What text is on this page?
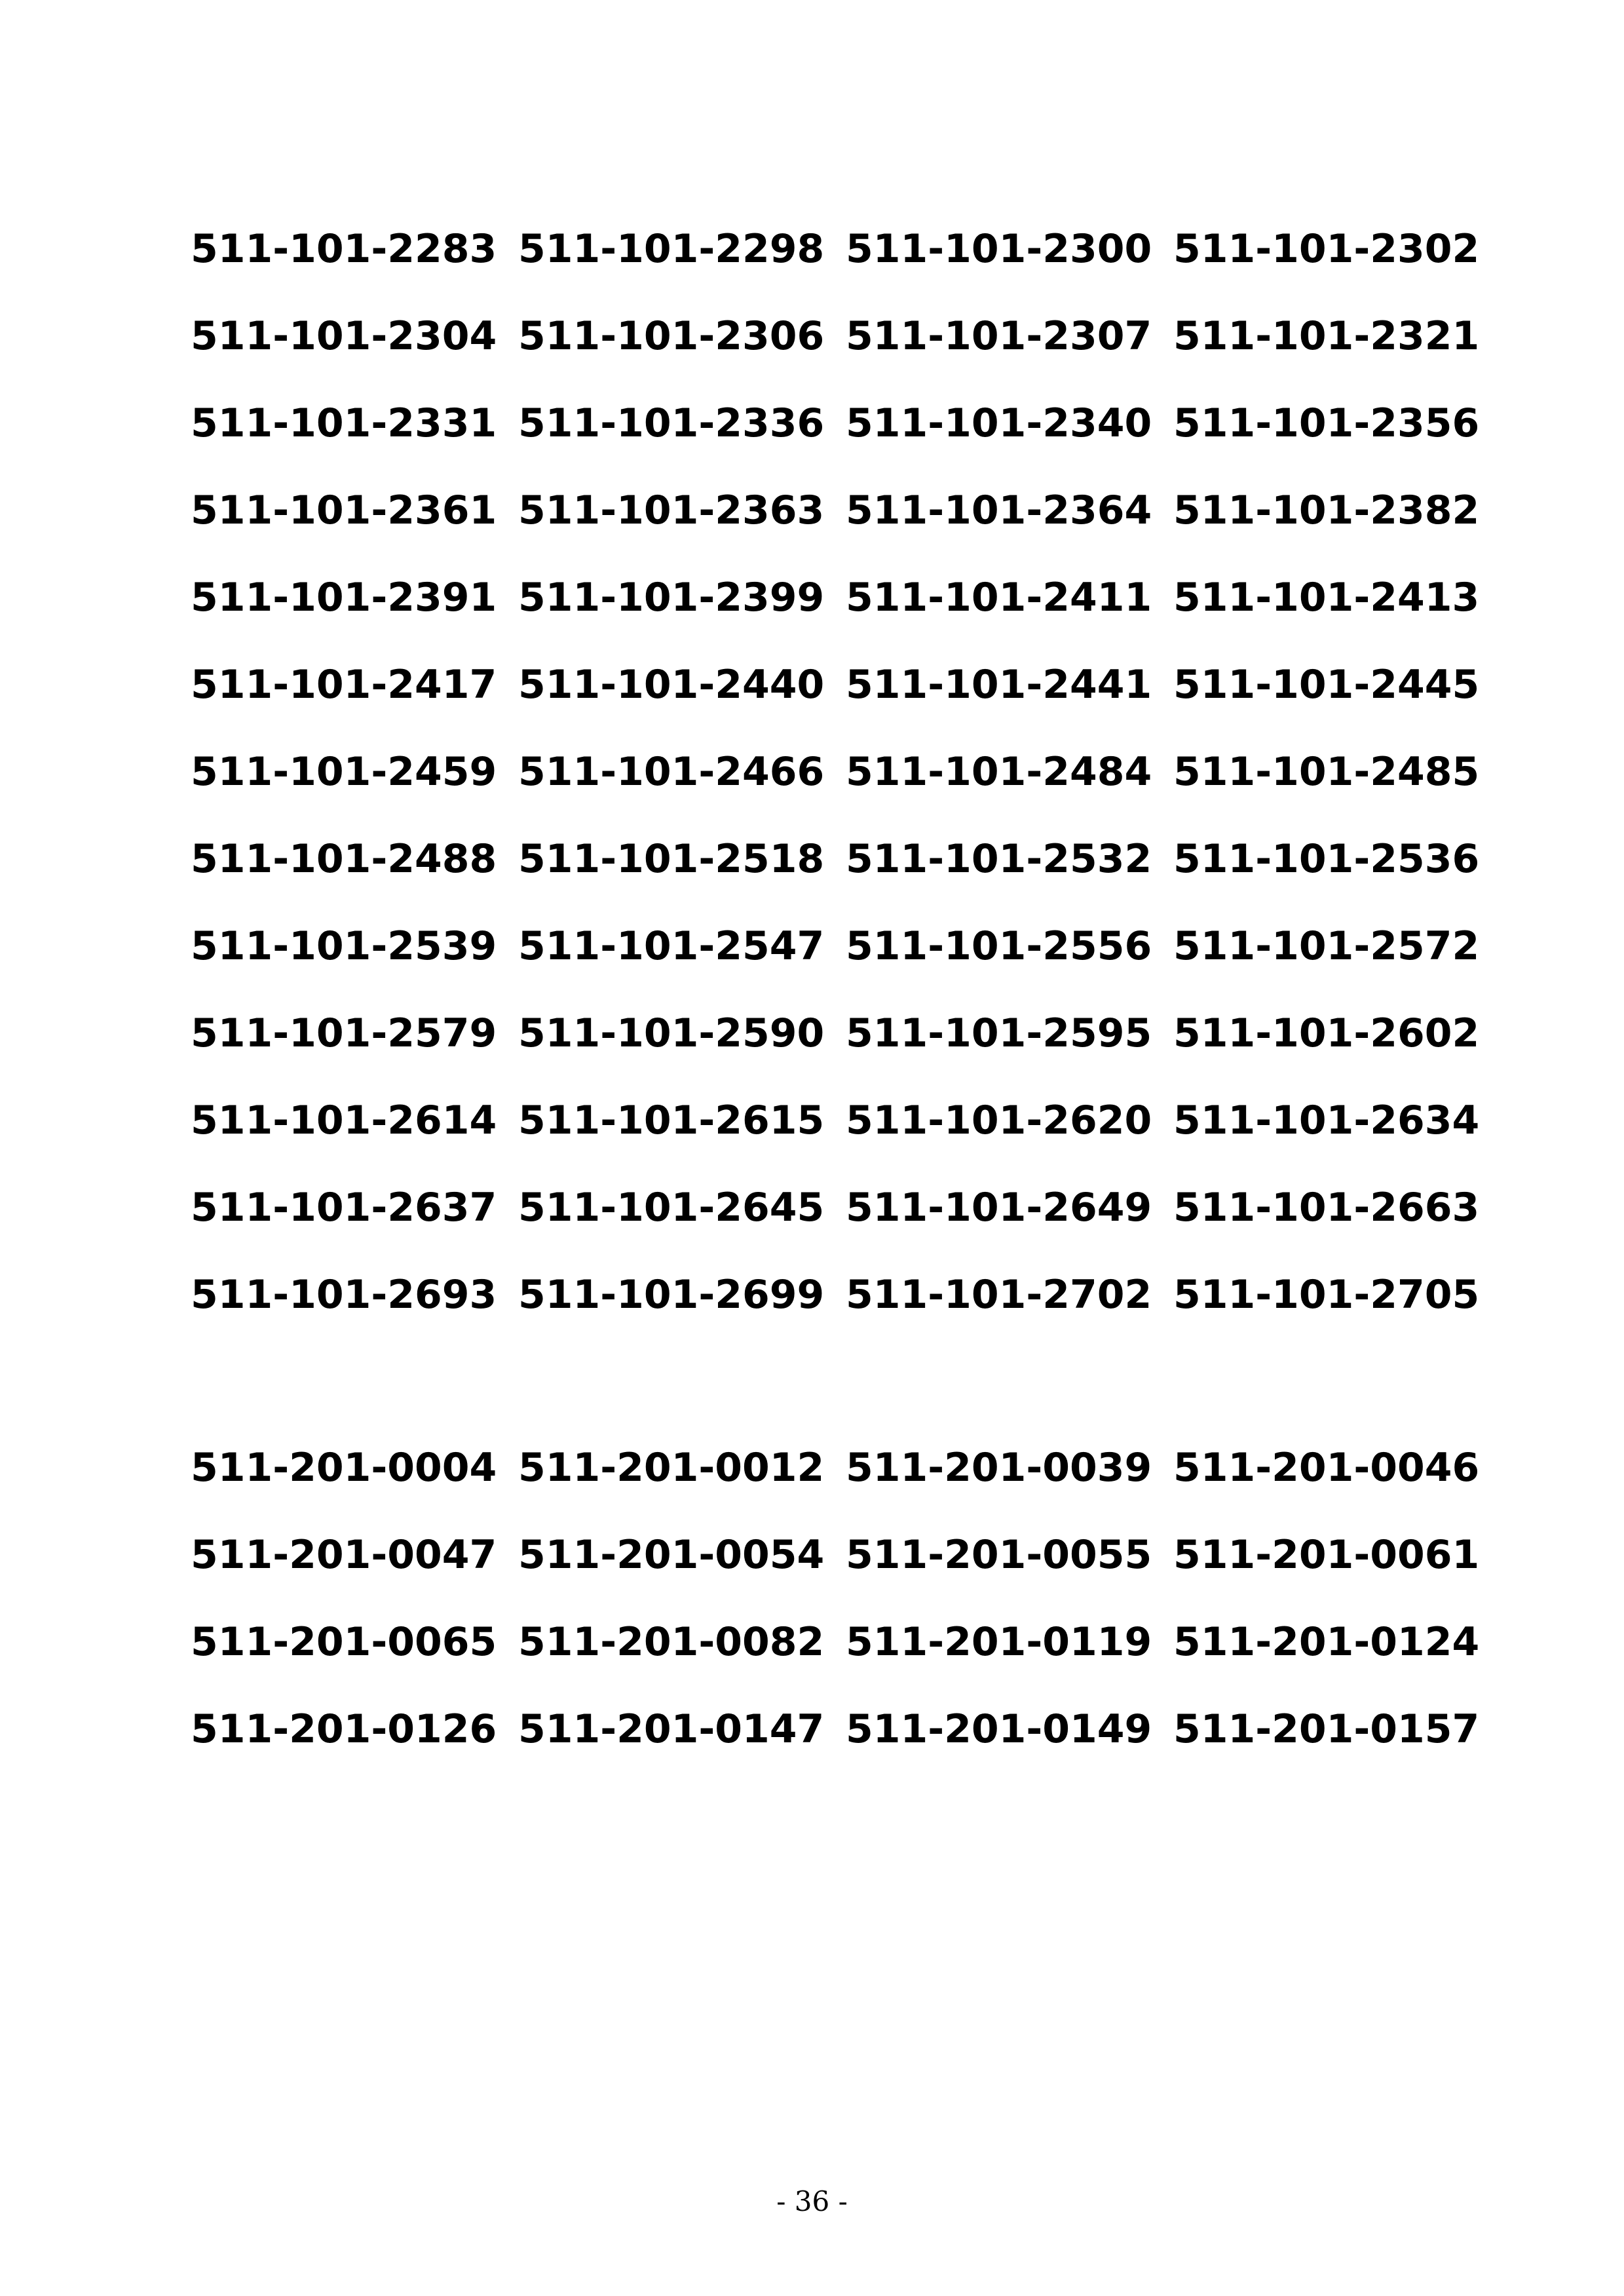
511-101-2283 511-101-2298 511-101-2300 511-101-2302
511-101-2304 511-101-2306 511-101-2307 511-101-2321
511-101-2331 511-101-2336 511-101-2340 511-101-2356
511-101-2361 511-101-2363 511-101-2364 511-101-2382
511-101-2391 511-101-2399 511-101-2411 511-101-2413
511-101-2417 511-101-2440 511-101-2441 511-101-2445
511-101-2459 511-101-2466 511-101-2484 511-101-2485
511-101-2488 511-101-2518 511-101-2532 511-101-2536
511-101-2539 511-101-2547 511-101-2556 511-101-2572
511-101-2579 511-101-2590 511-101-2595 511-101-2602
511-101-2614 511-101-2615 511-101-2620 511-101-2634
511-101-2637 511-101-2645 511-101-2649 511-101-2663
511-101-2693 511-101-2699 511-101-2702 511-101-2705
511-201-0004 511-201-0012 511-201-0039 511-201-0046
511-201-0047 511-201-0054 511-201-0055 511-201-0061
511-201-0065 511-201-0082 511-201-0119 511-201-0124
511-201-0126 511-201-0147 511-201-0149 511-201-0157
- 36 -
